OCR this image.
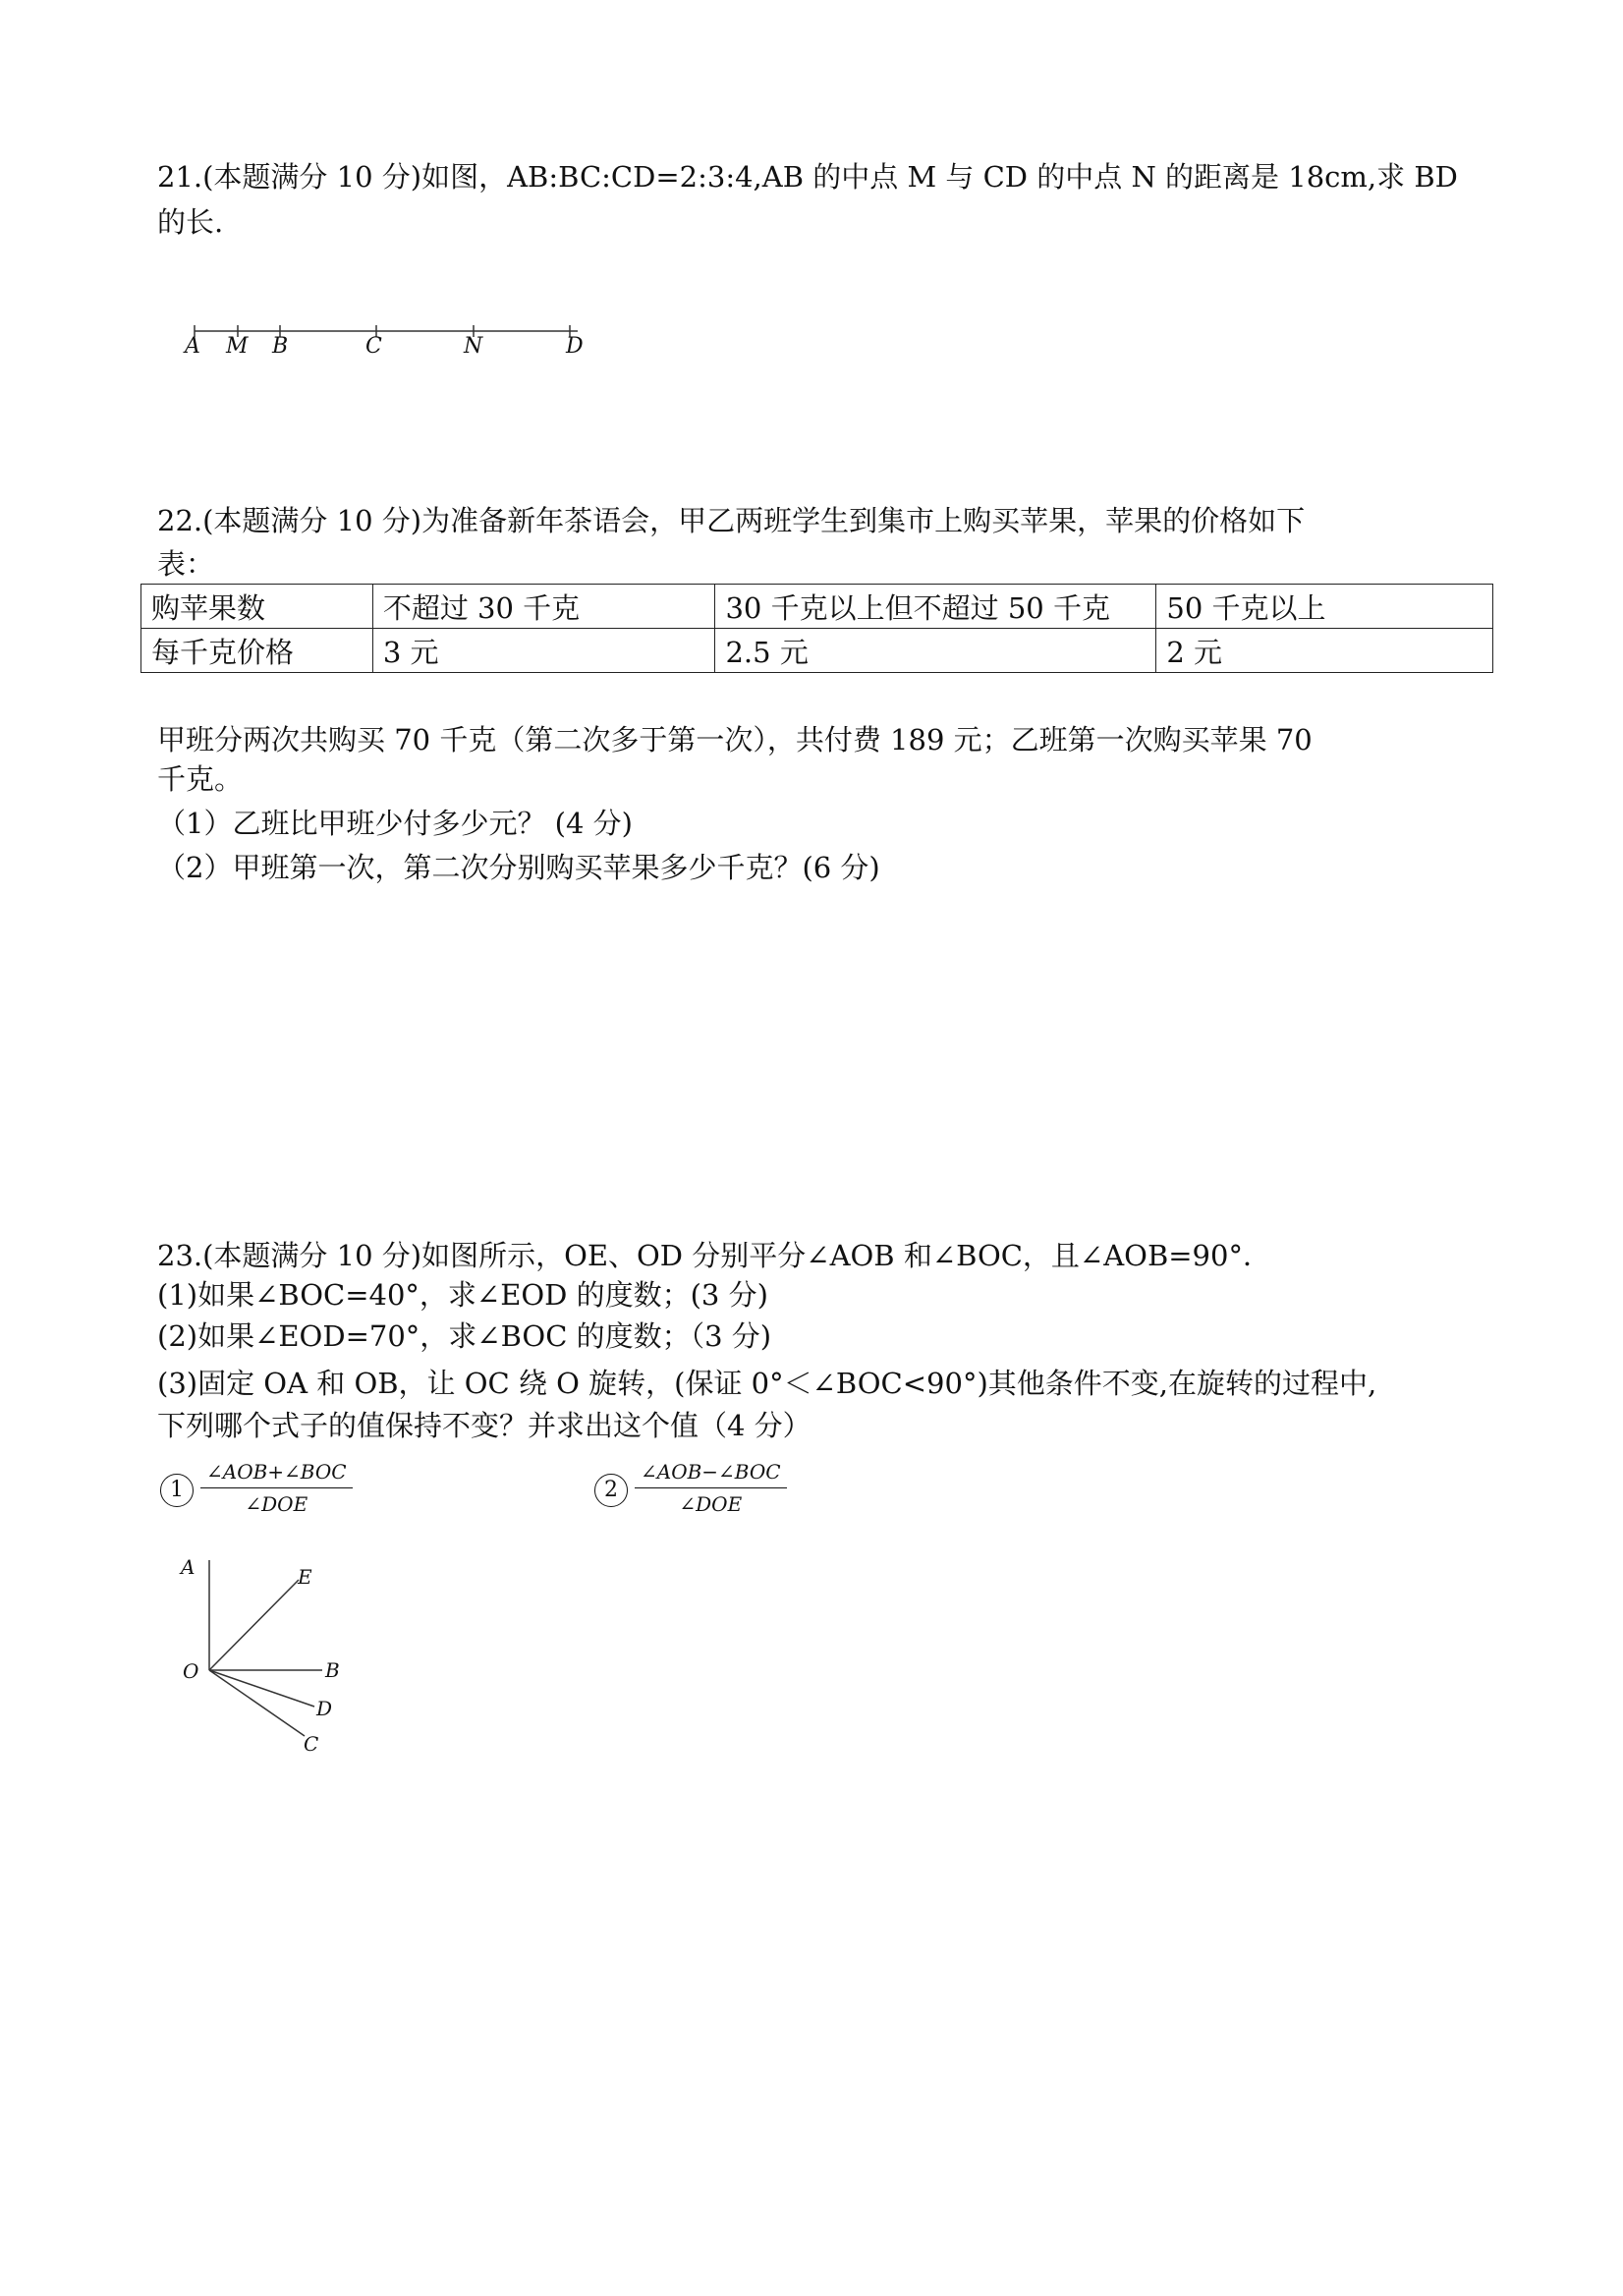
21.(本题满分 10 分)如图，AB:BC:CD=2:3:4,AB 的中点 M 与 CD 的中点 N 的距离是 18cm,求 BD

的长.

A M B	C	N	D

22.(本题满分 10 分)为准备新年茶语会，甲乙两班学生到集市上购买苹果，苹果的价格如下

表：

购苹果数	不超过 30 千克	30 千克以上但不超过 50 千克	50 千克以上
每千克价格	3 元	2.5 元	2 元

甲班分两次共购买 70 千克（第二次多于第一次），共付费 189 元；乙班第一次购买苹果 70

千克。

（1）乙班比甲班少付多少元？ (4 分)

（2）甲班第一次，第二次分别购买苹果多少千克？(6 分)

23.(本题满分 10 分)如图所示，OE、OD 分别平分∠AOB 和∠BOC，且∠AOB=90°．

(1)如果∠BOC=40°，求∠EOD 的度数；(3 分)

(2)如果∠EOD=70°，求∠BOC 的度数；（3 分)

(3)固定 OA 和 OB，让 OC 绕 O 旋转，(保证 0°＜∠BOC<90°)其他条件不变,在旋转的过程中,

下列哪个式子的值保持不变？并求出这个值（4 分）

1
∠AOB+∠BOC
∠DOE
2
∠AOB−∠BOC
∠DOE
A	E
O	B
D
C
